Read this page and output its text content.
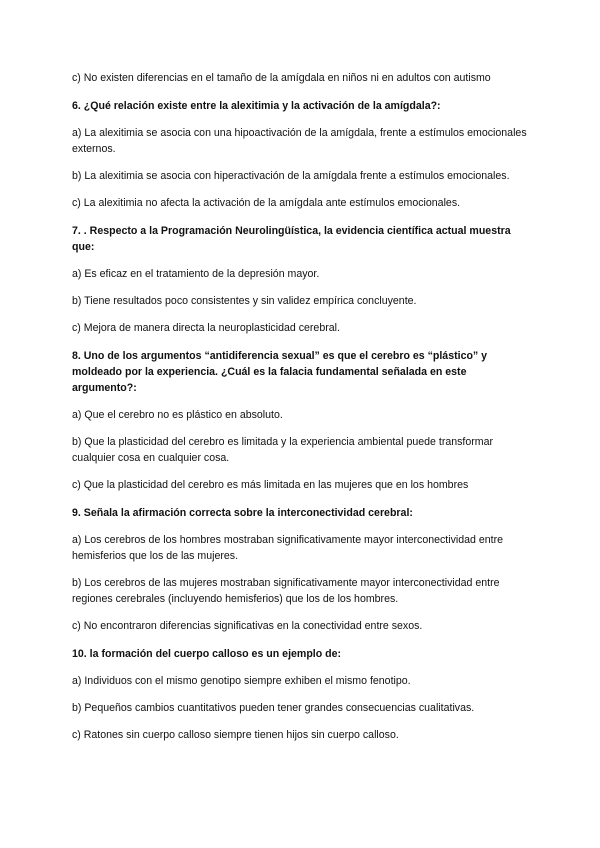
c) No existen diferencias en el tamaño de la amígdala en niños ni en adultos con autismo

6. ¿Qué relación existe entre la alexitimia y la activación de la amígdala?:

a) La alexitimia se asocia con una hipoactivación de la amígdala, frente a estímulos emocionales externos.

b) La alexitimia se asocia con hiperactivación de la amígdala frente a estímulos emocionales.

c) La alexitimia no afecta la activación de la amígdala ante estímulos emocionales.

7. . Respecto a la Programación Neurolingüística, la evidencia científica actual muestra que:

a) Es eficaz en el tratamiento de la depresión mayor.

b) Tiene resultados poco consistentes y sin validez empírica concluyente.

c) Mejora de manera directa la neuroplasticidad cerebral.

8. Uno de los argumentos “antidiferencia sexual” es que el cerebro es “plástico” y moldeado por la experiencia. ¿Cuál es la falacia fundamental señalada en este argumento?:

a) Que el cerebro no es plástico en absoluto.

b) Que la plasticidad del cerebro es limitada y la experiencia ambiental puede transformar cualquier cosa en cualquier cosa.

c) Que la plasticidad del cerebro es más limitada en las mujeres que en los hombres

9. Señala la afirmación correcta sobre la interconectividad cerebral:

a) Los cerebros de los hombres mostraban significativamente mayor interconectividad entre hemisferios que los de las mujeres.

b) Los cerebros de las mujeres mostraban significativamente mayor interconectividad entre regiones cerebrales (incluyendo hemisferios) que los de los hombres.

c) No encontraron diferencias significativas en la conectividad entre sexos.

10. la formación del cuerpo calloso es un ejemplo de:

a) Individuos con el mismo genotipo siempre exhiben el mismo fenotipo.

b) Pequeños cambios cuantitativos pueden tener grandes consecuencias cualitativas.

c) Ratones sin cuerpo calloso siempre tienen hijos sin cuerpo calloso.
